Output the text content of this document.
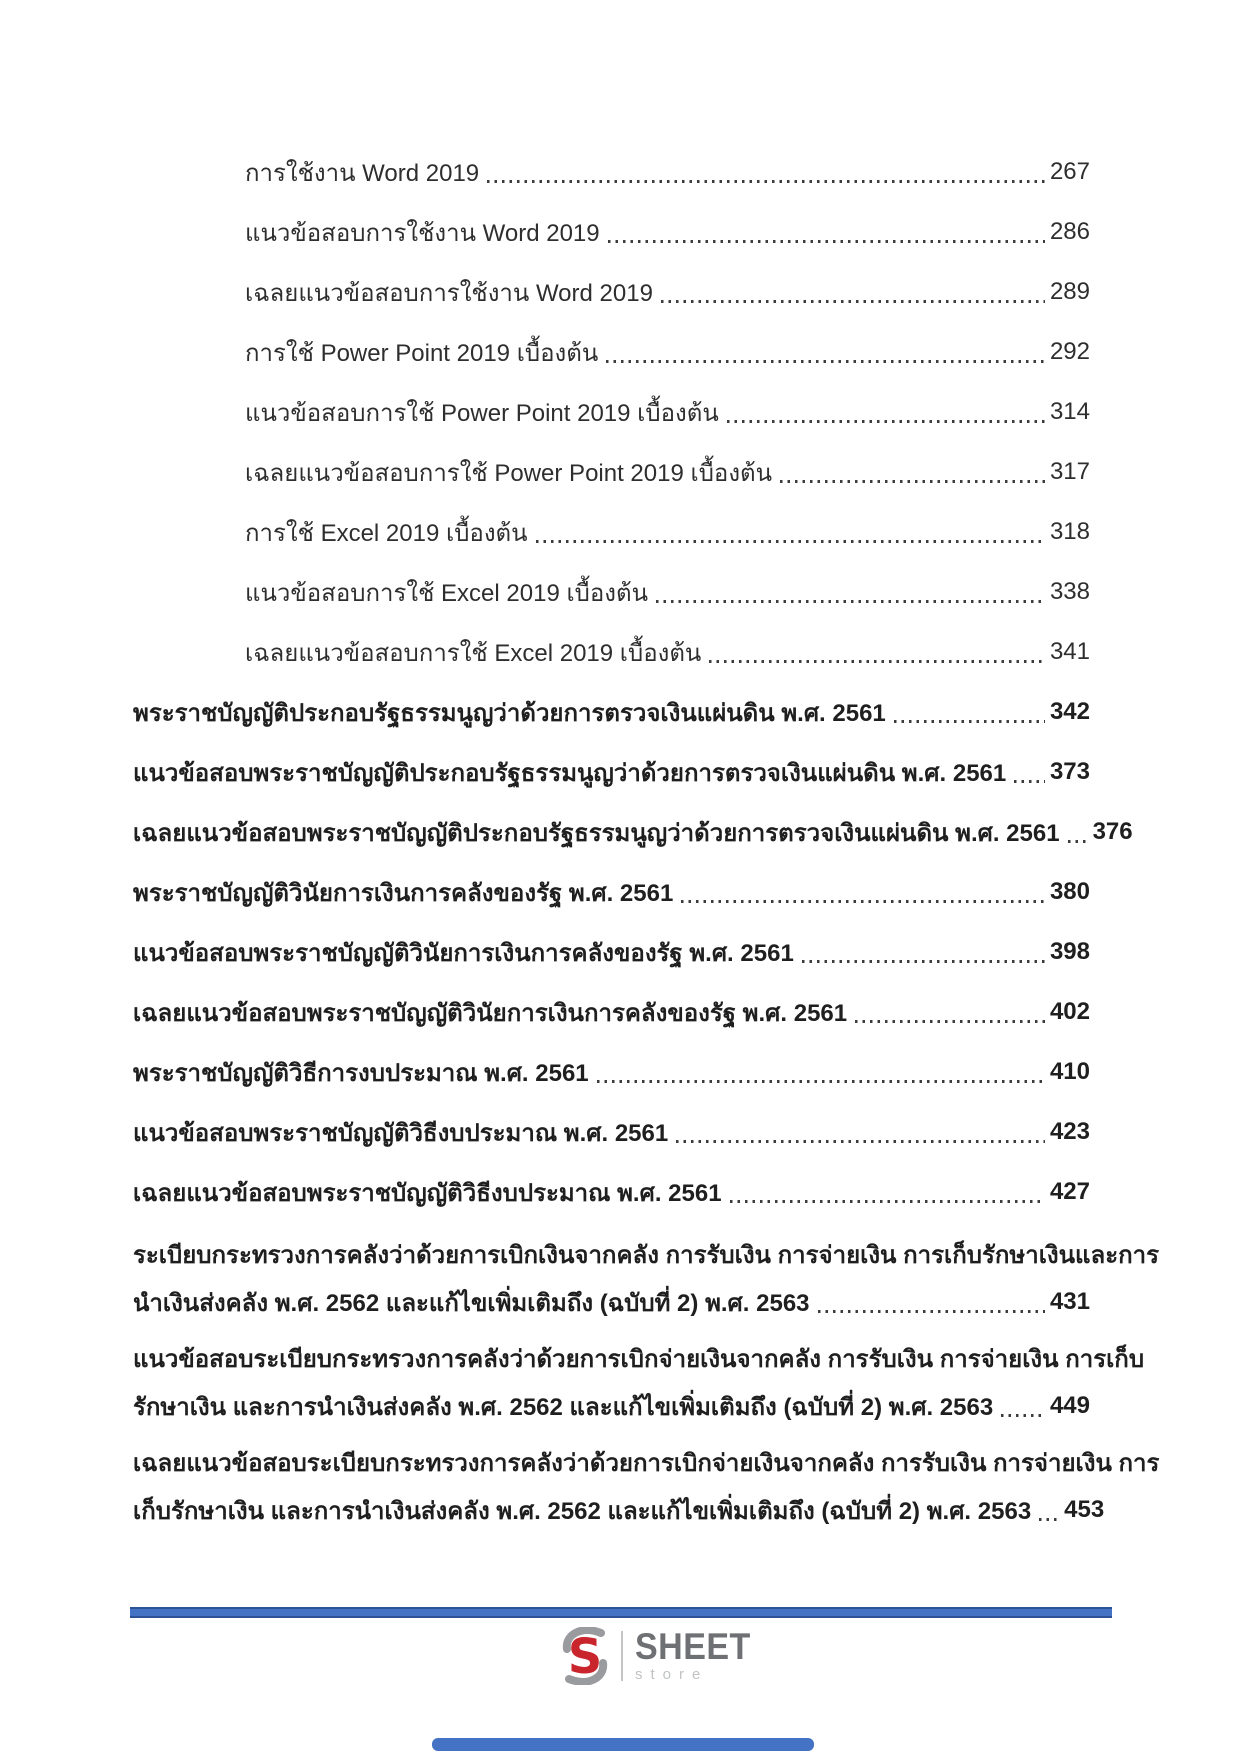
การใช้งาน Word 2019	267
แนวข้อสอบการใช้งาน Word 2019	286
เฉลยแนวข้อสอบการใช้งาน Word 2019	289
การใช้ Power Point 2019 เบื้องต้น	292
แนวข้อสอบการใช้ Power Point 2019 เบื้องต้น	314
เฉลยแนวข้อสอบการใช้ Power Point 2019 เบื้องต้น	317
การใช้ Excel 2019 เบื้องต้น	318
แนวข้อสอบการใช้ Excel 2019 เบื้องต้น	338
เฉลยแนวข้อสอบการใช้ Excel 2019 เบื้องต้น	341
พระราชบัญญัติประกอบรัฐธรรมนูญว่าด้วยการตรวจเงินแผ่นดิน พ.ศ. 2561	342
แนวข้อสอบพระราชบัญญัติประกอบรัฐธรรมนูญว่าด้วยการตรวจเงินแผ่นดิน พ.ศ. 2561 373
เฉลยแนวข้อสอบพระราชบัญญัติประกอบรัฐธรรมนูญว่าด้วยการตรวจเงินแผ่นดิน พ.ศ. 2561 376
พระราชบัญญัติวินัยการเงินการคลังของรัฐ พ.ศ. 2561	380
แนวข้อสอบพระราชบัญญัติวินัยการเงินการคลังของรัฐ พ.ศ. 2561	398
เฉลยแนวข้อสอบพระราชบัญญัติวินัยการเงินการคลังของรัฐ พ.ศ. 2561	402
พระราชบัญญัติวิธีการงบประมาณ พ.ศ. 2561	410
แนวข้อสอบพระราชบัญญัติวิธีงบประมาณ พ.ศ. 2561	423
เฉลยแนวข้อสอบพระราชบัญญัติวิธีงบประมาณ พ.ศ. 2561	427
ระเบียบกระทรวงการคลังว่าด้วยการเบิกเงินจากคลัง การรับเงิน การจ่ายเงิน การเก็บรักษาเงินและการ
นำเงินส่งคลัง พ.ศ. 2562 และแก้ไขเพิ่มเติมถึง (ฉบับที่ 2) พ.ศ. 2563	431
แนวข้อสอบระเบียบกระทรวงการคลังว่าด้วยการเบิกจ่ายเงินจากคลัง การรับเงิน การจ่ายเงิน การเก็บ
รักษาเงิน และการนำเงินส่งคลัง พ.ศ. 2562 และแก้ไขเพิ่มเติมถึง (ฉบับที่ 2) พ.ศ. 2563 449
เฉลยแนวข้อสอบระเบียบกระทรวงการคลังว่าด้วยการเบิกจ่ายเงินจากคลัง การรับเงิน การจ่ายเงิน การ
เก็บรักษาเงิน และการนำเงินส่งคลัง พ.ศ. 2562 และแก้ไขเพิ่มเติมถึง (ฉบับที่ 2) พ.ศ. 2563 453
S SHEET
store
